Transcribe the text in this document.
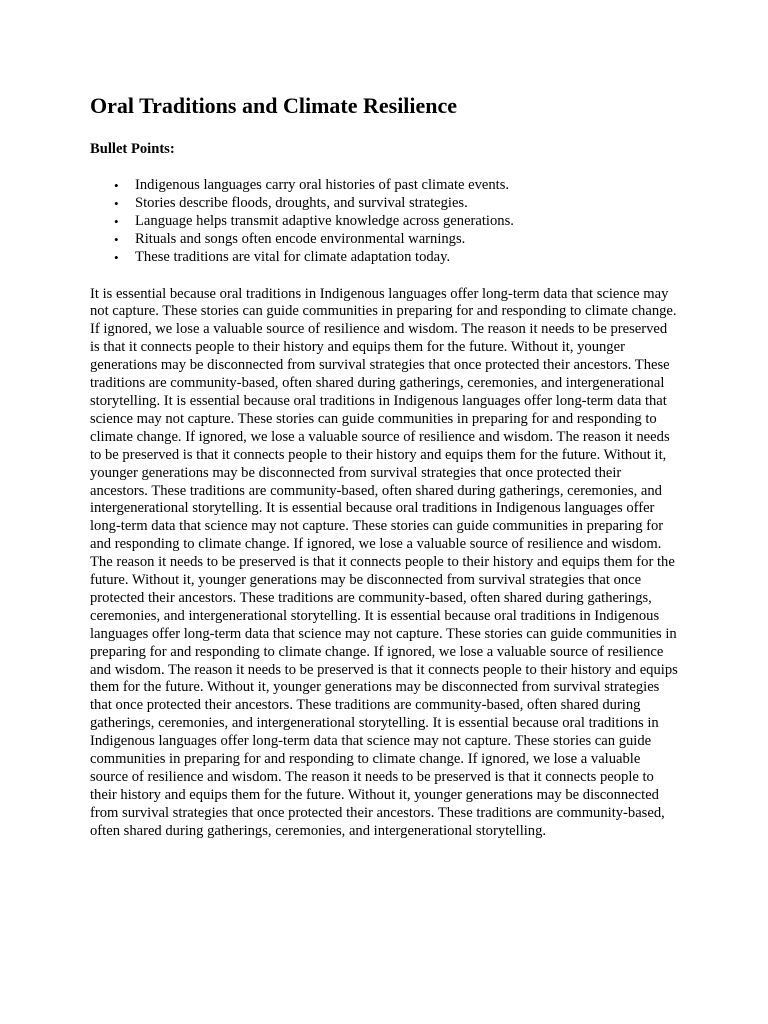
Oral Traditions and Climate Resilience

Bullet Points:

• Indigenous languages carry oral histories of past climate events.
• Stories describe floods, droughts, and survival strategies.
• Language helps transmit adaptive knowledge across generations.
• Rituals and songs often encode environmental warnings.
• These traditions are vital for climate adaptation today.

It is essential because oral traditions in Indigenous languages offer long-term data that science may not capture. These stories can guide communities in preparing for and responding to climate change. If ignored, we lose a valuable source of resilience and wisdom. The reason it needs to be preserved is that it connects people to their history and equips them for the future. Without it, younger generations may be disconnected from survival strategies that once protected their ancestors. These traditions are community-based, often shared during gatherings, ceremonies, and intergenerational storytelling. It is essential because oral traditions in Indigenous languages offer long-term data that science may not capture. These stories can guide communities in preparing for and responding to climate change. If ignored, we lose a valuable source of resilience and wisdom. The reason it needs to be preserved is that it connects people to their history and equips them for the future. Without it, younger generations may be disconnected from survival strategies that once protected their ancestors. These traditions are community-based, often shared during gatherings, ceremonies, and intergenerational storytelling. It is essential because oral traditions in Indigenous languages offer long-term data that science may not capture. These stories can guide communities in preparing for and responding to climate change. If ignored, we lose a valuable source of resilience and wisdom. The reason it needs to be preserved is that it connects people to their history and equips them for the future. Without it, younger generations may be disconnected from survival strategies that once protected their ancestors. These traditions are community-based, often shared during gatherings, ceremonies, and intergenerational storytelling. It is essential because oral traditions in Indigenous languages offer long-term data that science may not capture. These stories can guide communities in preparing for and responding to climate change. If ignored, we lose a valuable source of resilience and wisdom. The reason it needs to be preserved is that it connects people to their history and equips them for the future. Without it, younger generations may be disconnected from survival strategies that once protected their ancestors. These traditions are community-based, often shared during gatherings, ceremonies, and intergenerational storytelling. It is essential because oral traditions in Indigenous languages offer long-term data that science may not capture. These stories can guide communities in preparing for and responding to climate change. If ignored, we lose a valuable source of resilience and wisdom. The reason it needs to be preserved is that it connects people to their history and equips them for the future. Without it, younger generations may be disconnected from survival strategies that once protected their ancestors. These traditions are community-based, often shared during gatherings, ceremonies, and intergenerational storytelling.
